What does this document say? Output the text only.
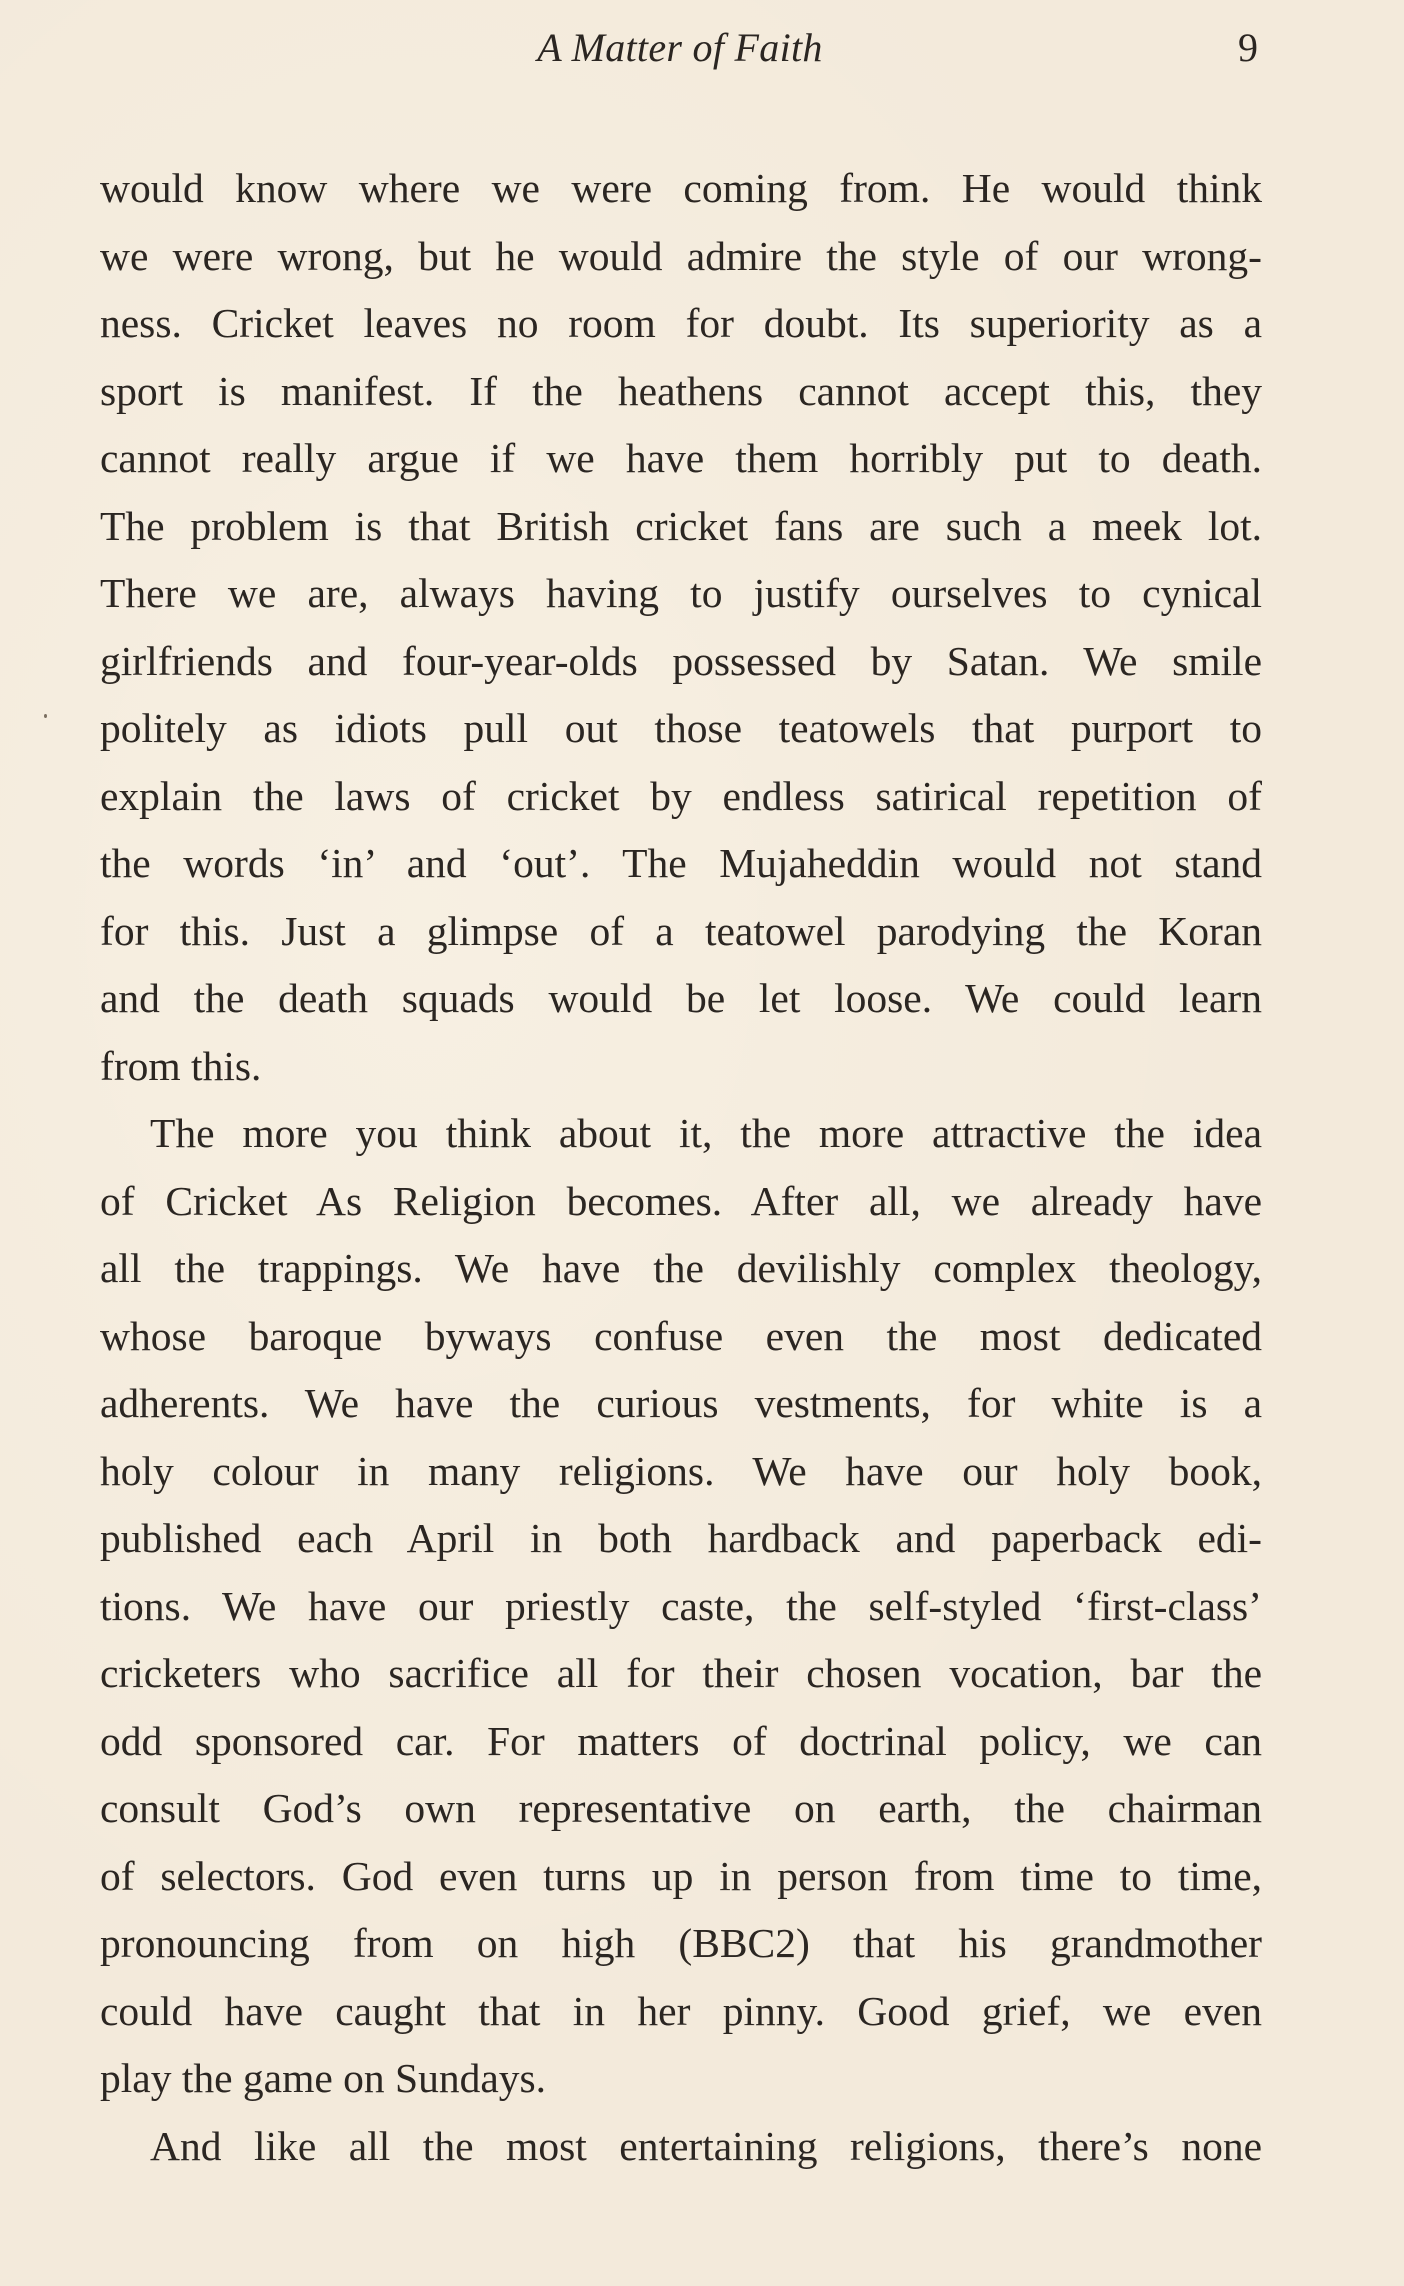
A Matter of Faith	9
would know where we were coming from. He would think
we were wrong, but he would admire the style of our wrong-
ness. Cricket leaves no room for doubt. Its superiority as a
sport is manifest. If the heathens cannot accept this, they
cannot really argue if we have them horribly put to death.
The problem is that British cricket fans are such a meek lot.
There we are, always having to justify ourselves to cynical
girlfriends and four-year-olds possessed by Satan. We smile
politely as idiots pull out those teatowels that purport to
explain the laws of cricket by endless satirical repetition of
the words ‘in’ and ‘out’. The Mujaheddin would not stand
for this. Just a glimpse of a teatowel parodying the Koran
and the death squads would be let loose. We could learn
from this.
The more you think about it, the more attractive the idea
of Cricket As Religion becomes. After all, we already have
all the trappings. We have the devilishly complex theology,
whose baroque byways confuse even the most dedicated
adherents. We have the curious vestments, for white is a
holy colour in many religions. We have our holy book,
published each April in both hardback and paperback edi-
tions. We have our priestly caste, the self-styled ‘first-class’
cricketers who sacrifice all for their chosen vocation, bar the
odd sponsored car. For matters of doctrinal policy, we can
consult God’s own representative on earth, the chairman
of selectors. God even turns up in person from time to time,
pronouncing from on high (BBC2) that his grandmother
could have caught that in her pinny. Good grief, we even
play the game on Sundays.
And like all the most entertaining religions, there’s none
